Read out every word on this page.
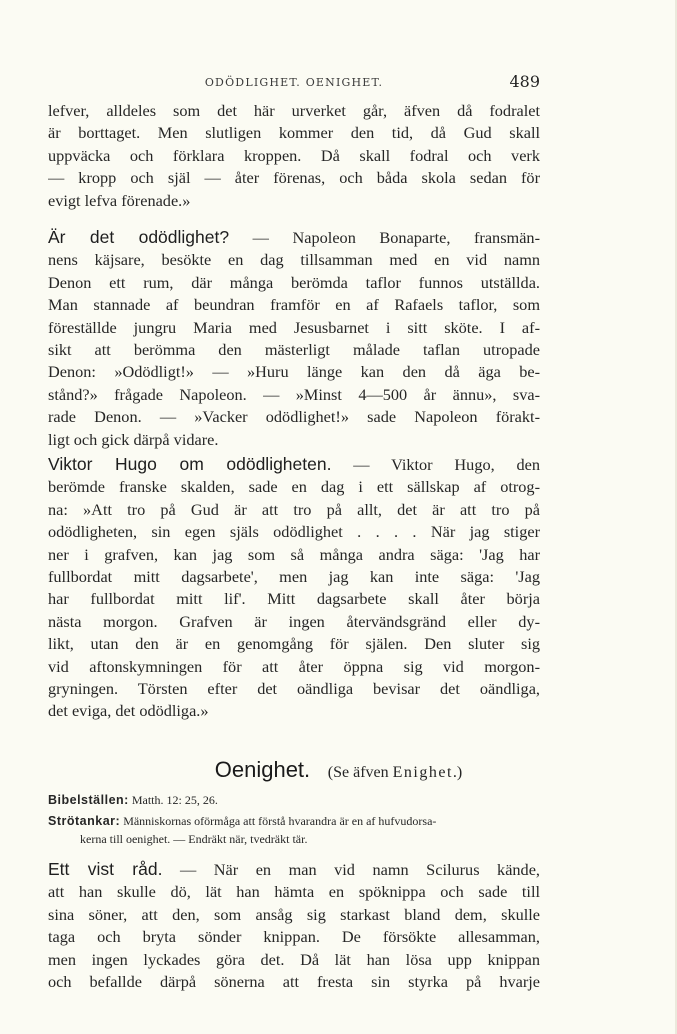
ODÖDLIGHET. OENIGHET.	489
lefver, alldeles som det här urverket går, äfven då fodralet
är borttaget. Men slutligen kommer den tid, då Gud skall
uppväcka och förklara kroppen. Då skall fodral och verk
— kropp och själ — åter förenas, och båda skola sedan för
evigt lefva förenade.»
Är det odödlighet? — Napoleon Bonaparte, fransmän-
nens käjsare, besökte en dag tillsamman med en vid namn
Denon ett rum, där många berömda taflor funnos utställda.
Man stannade af beundran framför en af Rafaels taflor, som
föreställde jungru Maria med Jesusbarnet i sitt sköte. I af-
sikt att berömma den mästerligt målade taflan utropade
Denon: »Odödligt!» — »Huru länge kan den då äga be-
stånd?» frågade Napoleon. — »Minst 4—500 år ännu», sva-
rade Denon. — »Vacker odödlighet!» sade Napoleon förakt-
ligt och gick därpå vidare.
Viktor Hugo om odödligheten. — Viktor Hugo, den
berömde franske skalden, sade en dag i ett sällskap af otrog-
na: »Att tro på Gud är att tro på allt, det är att tro på
odödligheten, sin egen själs odödlighet . . . . När jag stiger
ner i grafven, kan jag som så många andra säga: 'Jag har
fullbordat mitt dagsarbete', men jag kan inte säga: 'Jag
har fullbordat mitt lif'. Mitt dagsarbete skall åter börja
nästa morgon. Grafven är ingen återvändsgränd eller dy-
likt, utan den är en genomgång för själen. Den sluter sig
vid aftonskymningen för att åter öppna sig vid morgon-
gryningen. Törsten efter det oändliga bevisar det oändliga,
det eviga, det odödliga.»
Oenighet. (Se äfven Enighet.)
Bibelställen: Matth. 12: 25, 26.
Strötankar: Människornas oförmåga att förstå hvarandra är en af hufvudorsa-
kerna till oenighet. — Endräkt när, tvedräkt tär.
Ett vist råd. — När en man vid namn Scilurus kände,
att han skulle dö, lät han hämta en spöknippa och sade till
sina söner, att den, som ansåg sig starkast bland dem, skulle
taga och bryta sönder knippan. De försökte allesamman,
men ingen lyckades göra det. Då lät han lösa upp knippan
och befallde därpå sönerna att fresta sin styrka på hvarje
